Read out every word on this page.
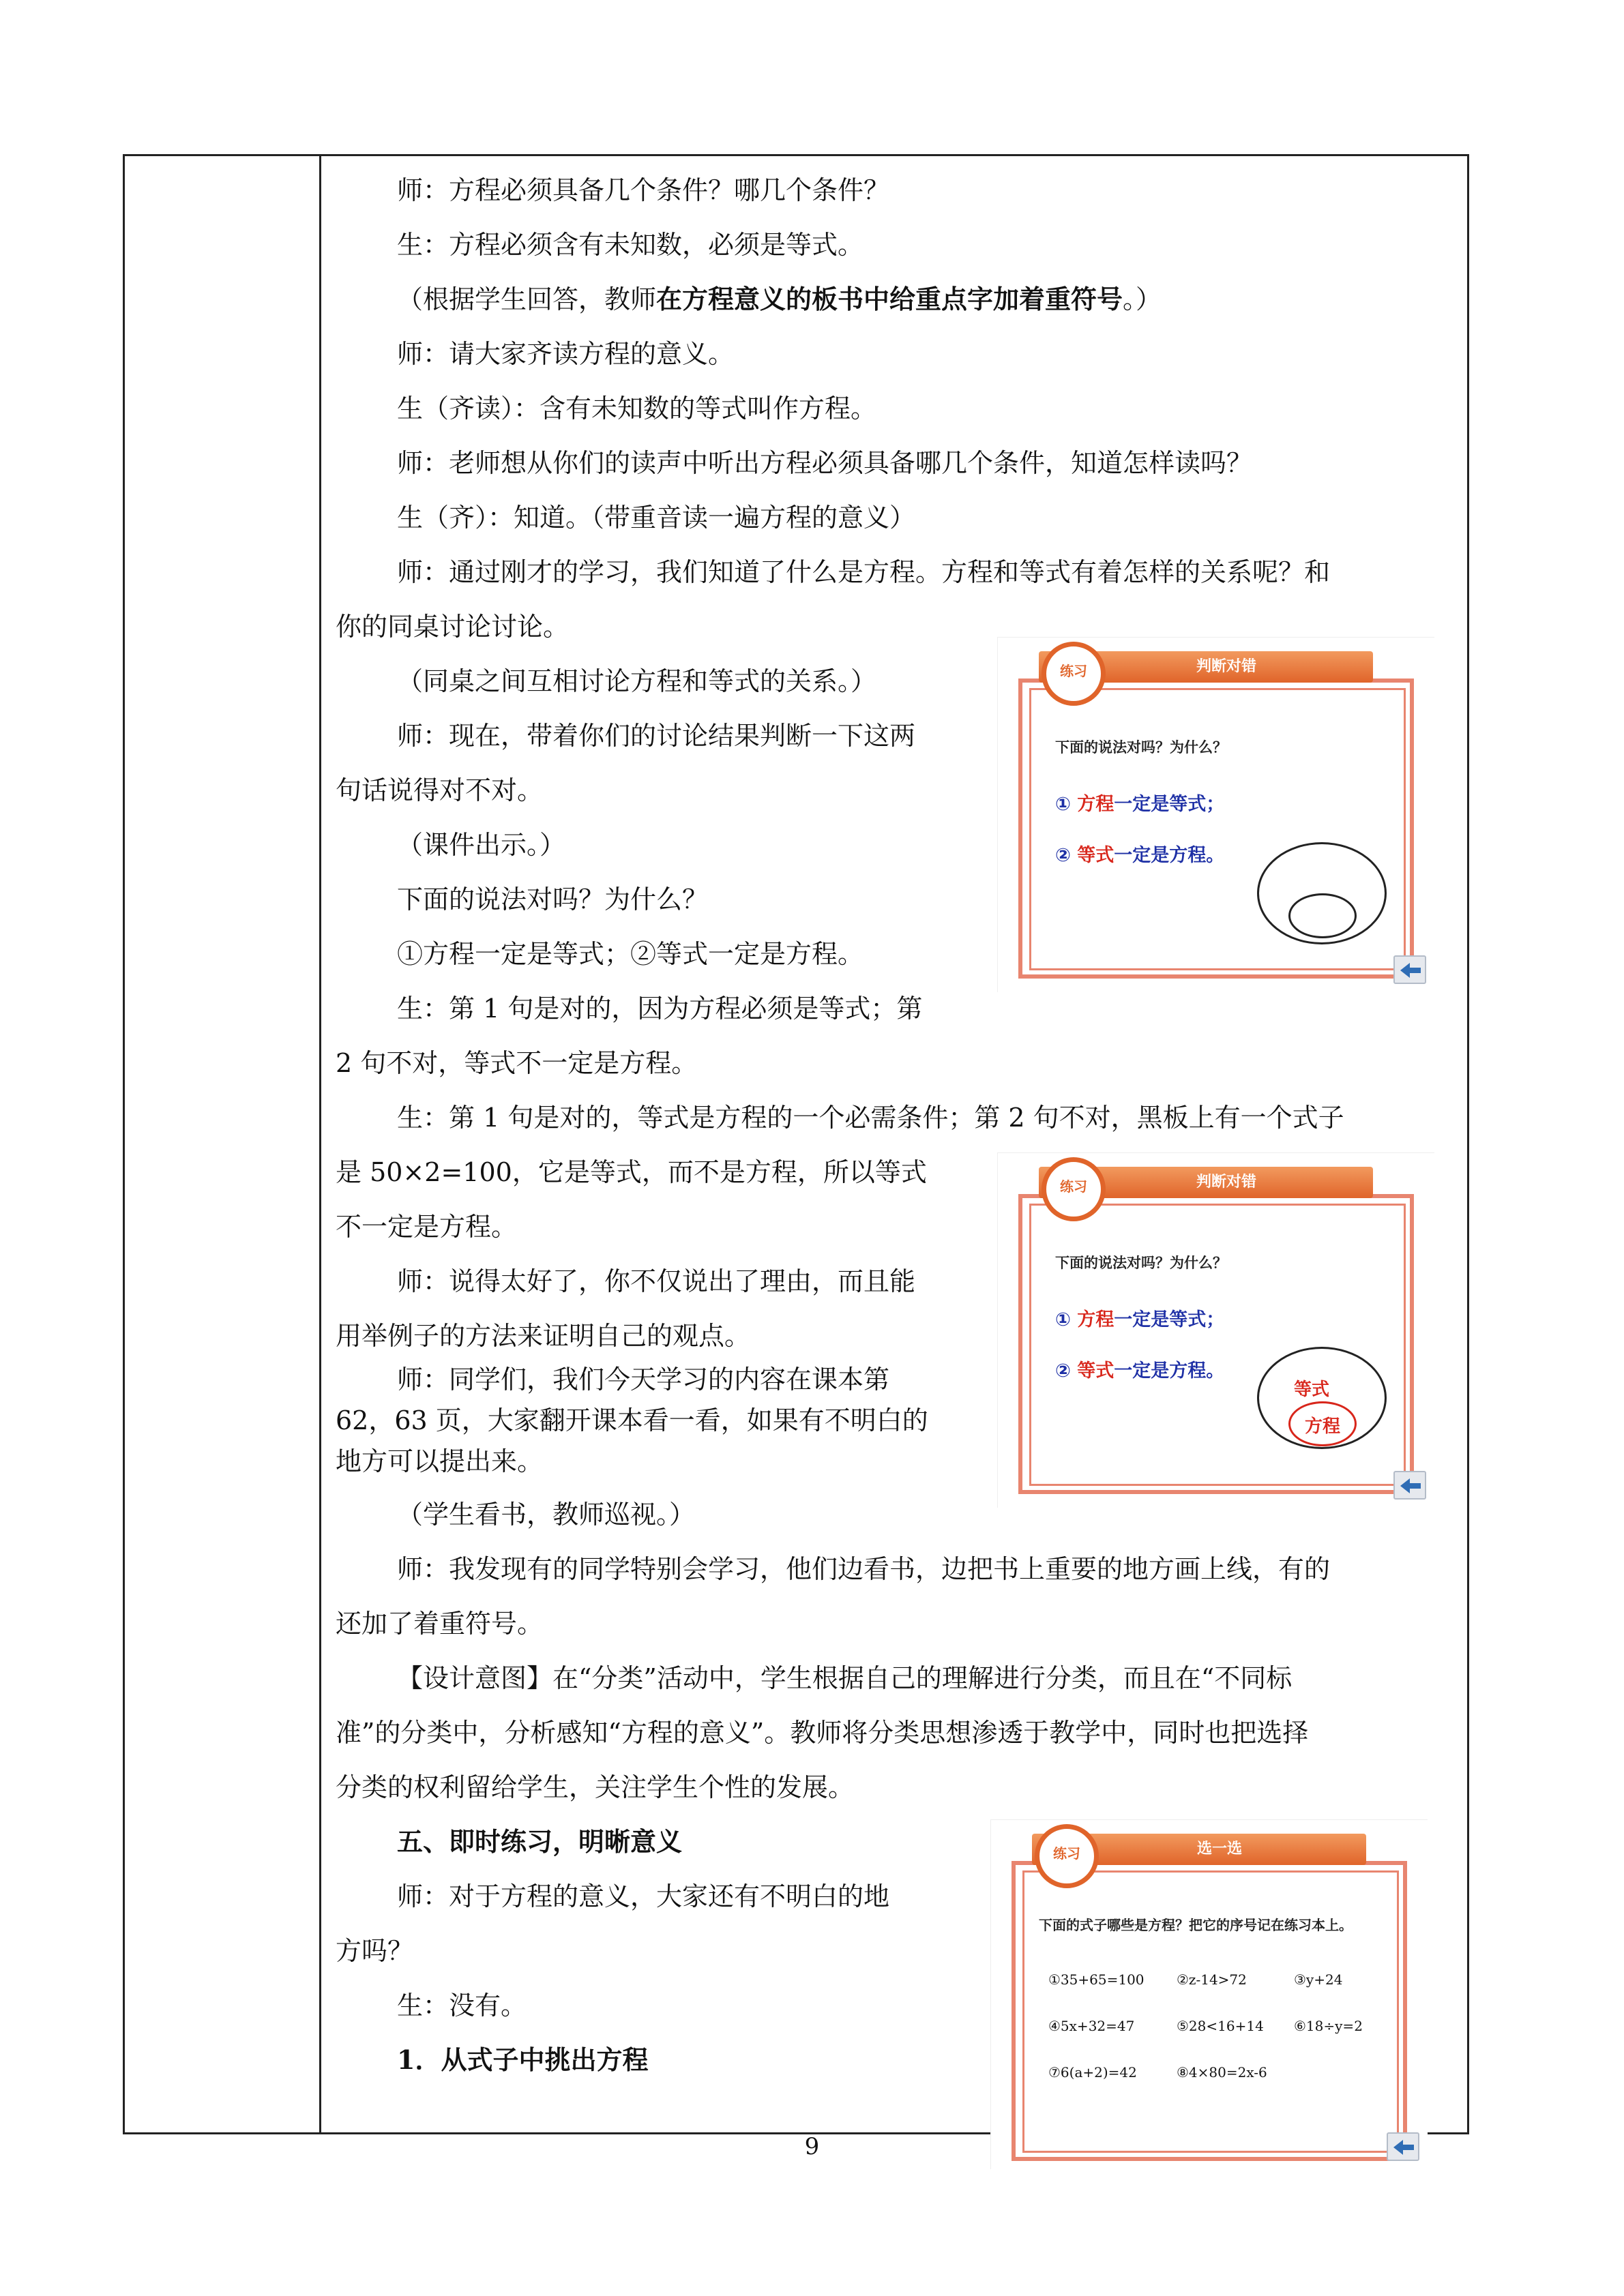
师：方程必须具备几个条件？哪几个条件？
生：方程必须含有未知数，必须是等式。
（根据学生回答，教师在方程意义的板书中给重点字加着重符号。）
师：请大家齐读方程的意义。
生（齐读）：含有未知数的等式叫作方程。
师：老师想从你们的读声中听出方程必须具备哪几个条件，知道怎样读吗？
生（齐）：知道。（带重音读一遍方程的意义）
师：通过刚才的学习，我们知道了什么是方程。方程和等式有着怎样的关系呢？和
你的同桌讨论讨论。
（同桌之间互相讨论方程和等式的关系。）
师：现在，带着你们的讨论结果判断一下这两
句话说得对不对。
（课件出示。）
下面的说法对吗？为什么？
①方程一定是等式；②等式一定是方程。
生：第 1 句是对的，因为方程必须是等式；第
2 句不对，等式不一定是方程。
生：第 1 句是对的，等式是方程的一个必需条件；第 2 句不对，黑板上有一个式子
是 50×2=100，它是等式，而不是方程，所以等式
不一定是方程。
师：说得太好了，你不仅说出了理由，而且能
用举例子的方法来证明自己的观点。
师：同学们，我们今天学习的内容在课本第
62，63 页，大家翻开课本看一看，如果有不明白的
地方可以提出来。
（学生看书，教师巡视。）
师：我发现有的同学特别会学习，他们边看书，边把书上重要的地方画上线，有的
还加了着重符号。
【设计意图】在“分类”活动中，学生根据自己的理解进行分类，而且在“不同标
准”的分类中，分析感知“方程的意义”。教师将分类思想渗透于教学中，同时也把选择
分类的权利留给学生，关注学生个性的发展。
五、即时练习，明晰意义
师：对于方程的意义，大家还有不明白的地
方吗？
生：没有。
1．从式子中挑出方程
判断对错
练习
下面的说法对吗？为什么？
① 方程一定是等式；
② 等式一定是方程。
判断对错
练习
下面的说法对吗？为什么？
① 方程一定是等式；
② 等式一定是方程。
等式
方程
选一选
练习
下面的式子哪些是方程？把它的序号记在练习本上。
①35+65=100 ②z-14>72	③y+24
④5x+32=47	⑤28<16+14 ⑥18÷y=2
⑦6(a+2)=42	⑧4×80=2x-6
9
